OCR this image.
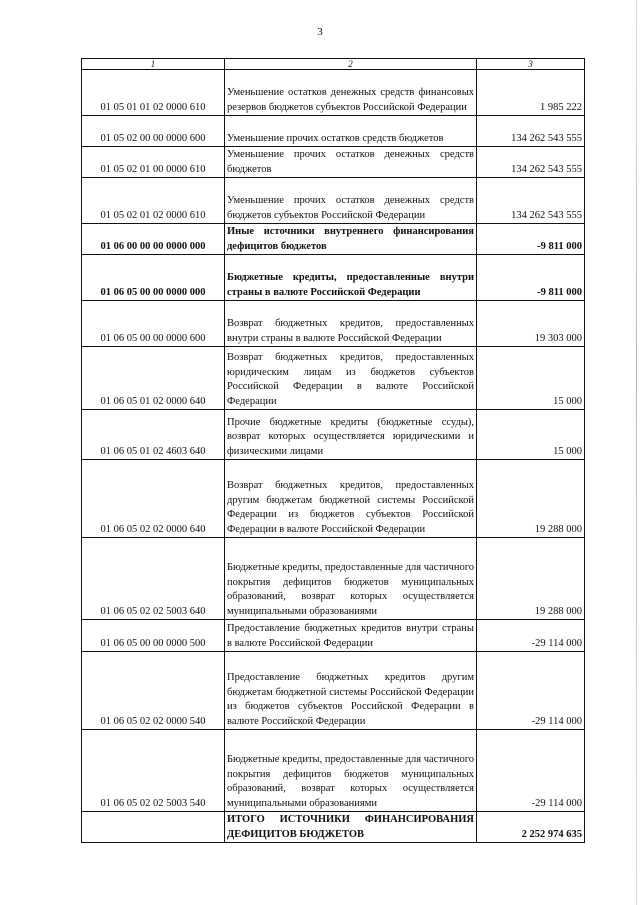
3
1	2	3
01 05 01 01 02 0000 610	Уменьшение остатков денежных средств финансовых резервов бюджетов субъектов Российской Федерации	1 985 222
01 05 02 00 00 0000 600	Уменьшение прочих остатков средств бюджетов	134 262 543 555
01 05 02 01 00 0000 610	Уменьшение прочих остатков денежных средств бюджетов	134 262 543 555
01 05 02 01 02 0000 610	Уменьшение прочих остатков денежных средств бюджетов субъектов Российской Федерации	134 262 543 555
01 06 00 00 00 0000 000	Иные источники внутреннего финансирования дефицитов бюджетов	-9 811 000
01 06 05 00 00 0000 000	Бюджетные кредиты, предоставленные внутри страны в валюте Российской Федерации	-9 811 000
01 06 05 00 00 0000 600	Возврат бюджетных кредитов, предоставленных внутри страны в валюте Российской Федерации	19 303 000
01 06 05 01 02 0000 640	Возврат бюджетных кредитов, предоставленных юридическим лицам из бюджетов субъектов Российской Федерации в валюте Российской Федерации	15 000
01 06 05 01 02 4603 640	Прочие бюджетные кредиты (бюджетные ссуды), возврат которых осуществляется юридическими и физическими лицами	15 000
01 06 05 02 02 0000 640	Возврат бюджетных кредитов, предоставленных другим бюджетам бюджетной системы Российской Федерации из бюджетов субъектов Российской Федерации в валюте Российской Федерации	19 288 000
01 06 05 02 02 5003 640	Бюджетные кредиты, предоставленные для частичного покрытия дефицитов бюджетов муниципальных образований, возврат которых осуществляется муниципальными образованиями	19 288 000
01 06 05 00 00 0000 500	Предоставление бюджетных кредитов внутри страны в валюте Российской Федерации	-29 114 000
01 06 05 02 02 0000 540	Предоставление бюджетных кредитов другим бюджетам бюджетной системы Российской Федерации из бюджетов субъектов Российской Федерации в валюте Российской Федерации	-29 114 000
01 06 05 02 02 5003 540	Бюджетные кредиты, предоставленные для частичного покрытия дефицитов бюджетов муниципальных образований, возврат которых осуществляется муниципальными образованиями	-29 114 000
	ИТОГО ИСТОЧНИКИ ФИНАНСИРОВАНИЯ ДЕФИЦИТОВ БЮДЖЕТОВ	2 252 974 635
